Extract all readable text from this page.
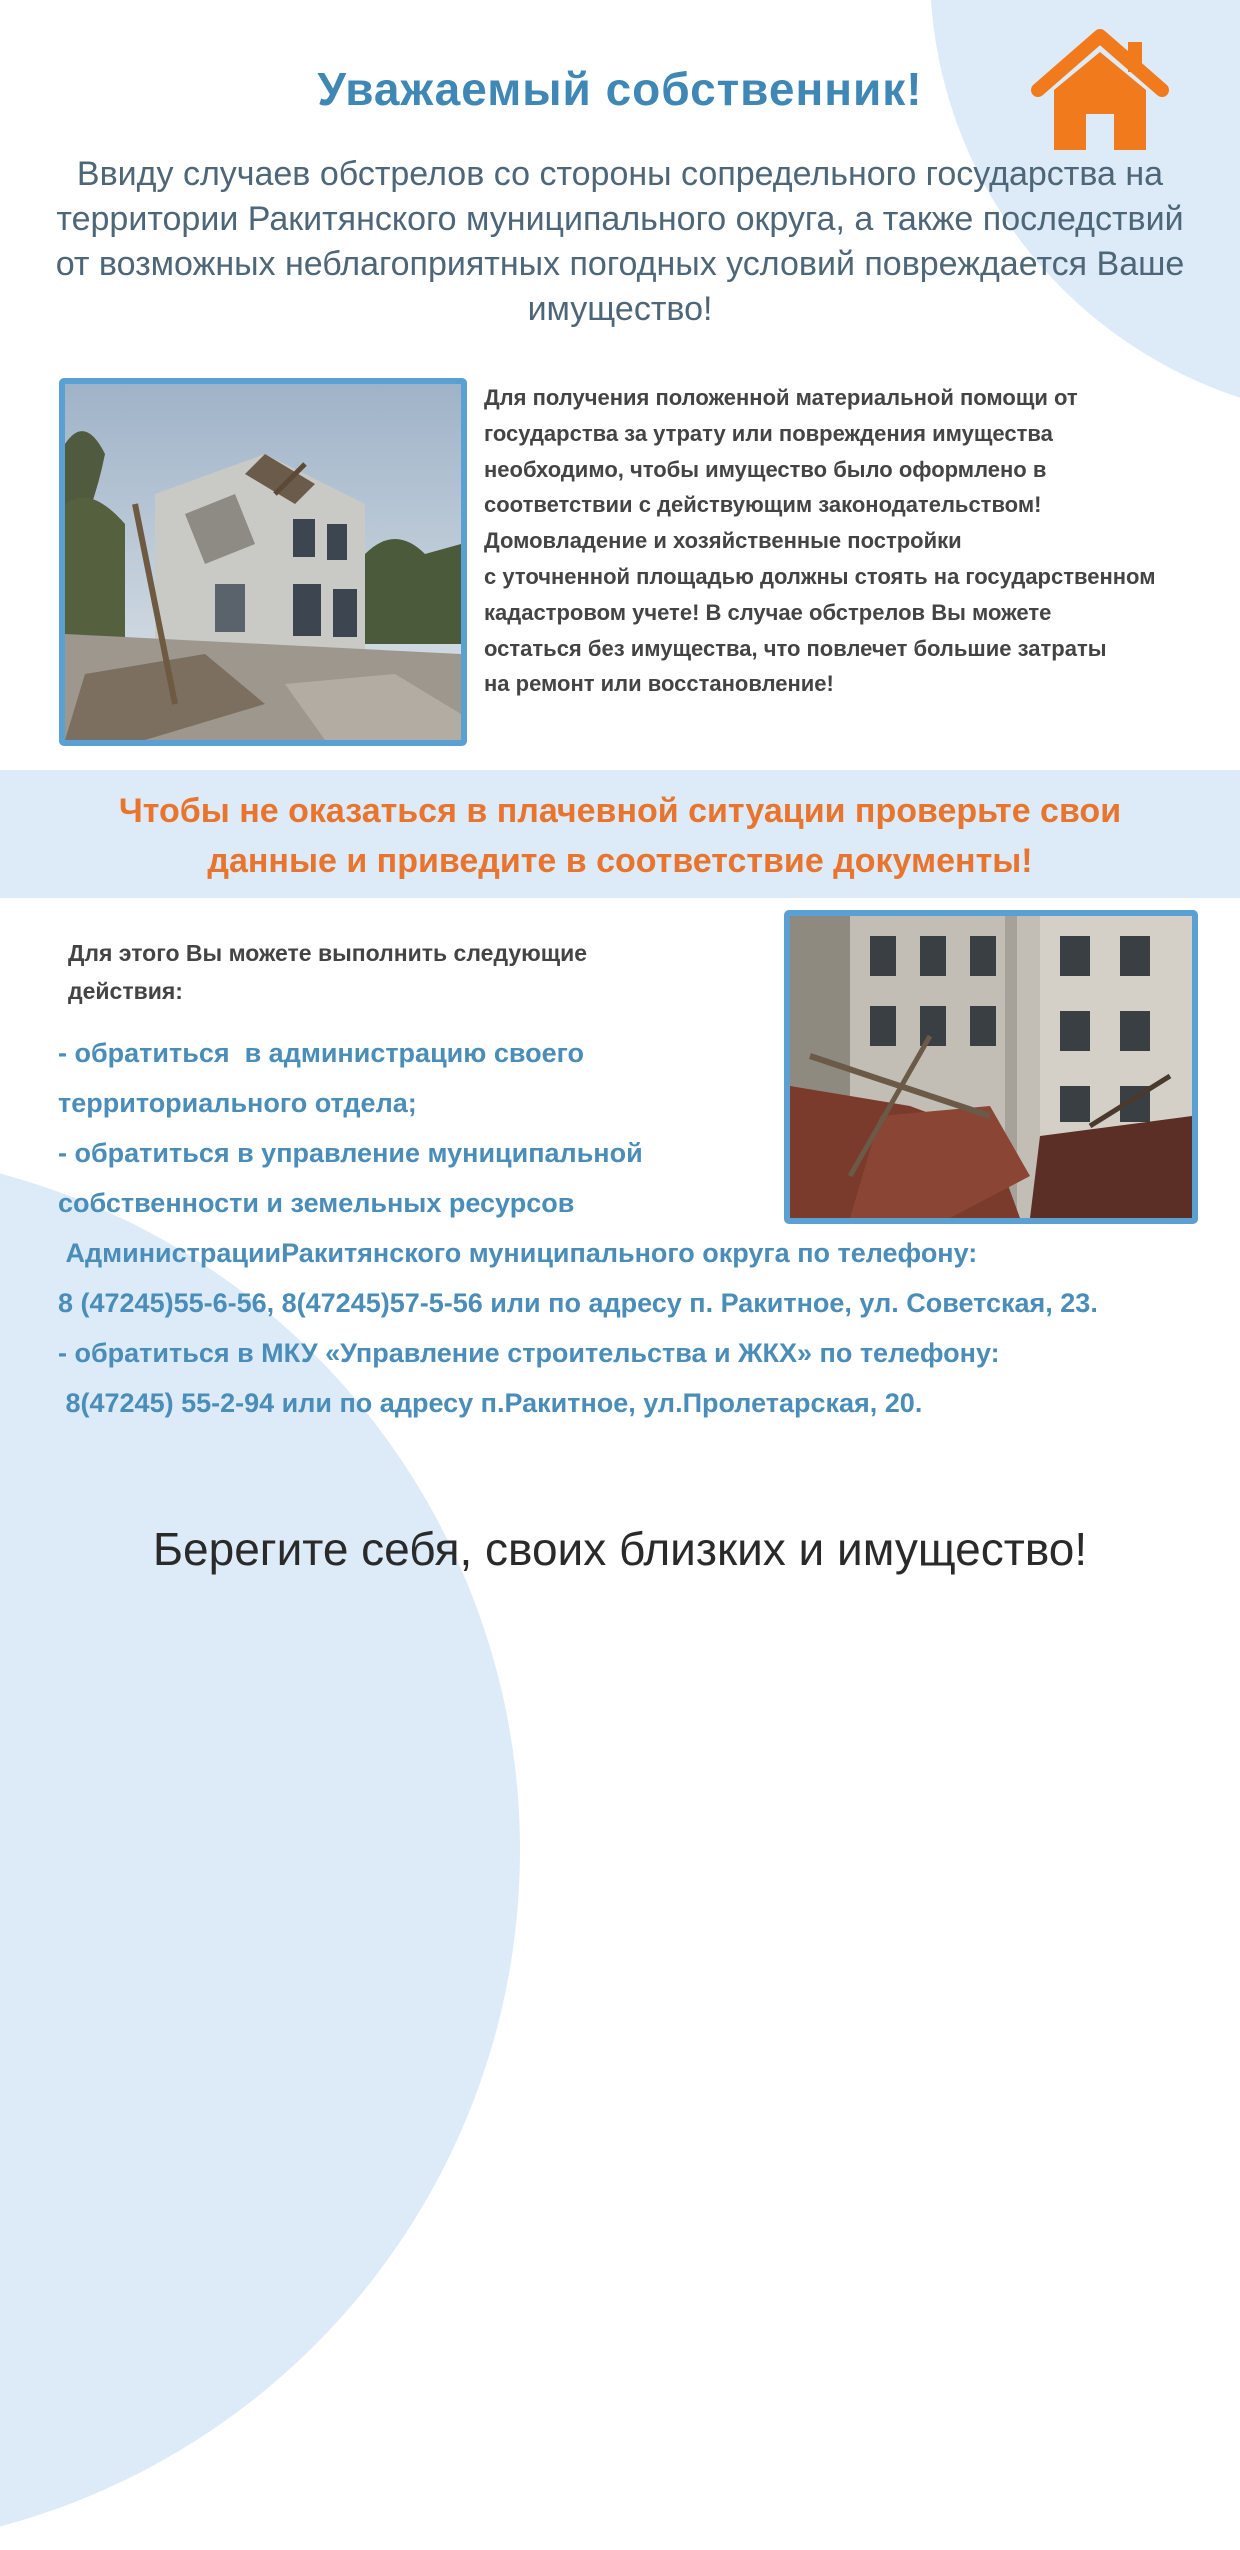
Уважаемый собственник!
Ввиду случаев обстрелов со стороны сопредельного государства на территории Ракитянского муниципального округа, а также последствий от возможных неблагоприятных погодных условий повреждается Ваше имущество!
Для получения положенной материальной помощи от
государства за утрату или повреждения имущества
необходимо, чтобы имущество было оформлено в
соответствии с действующим законодательством!
Домовладение и хозяйственные постройки
с уточненной площадью должны стоять на государственном
кадастровом учете! В случае обстрелов Вы можете
остаться без имущества, что повлечет большие затраты
на ремонт или восстановление!
Чтобы не оказаться в плачевной ситуации проверьте свои
данные и приведите в соответствие документы!
Для этого Вы можете выполнить следующие
действия:
- обратиться  в администрацию своего
территориального отдела;
- обратиться в управление муниципальной
собственности и земельных ресурсов
АдминистрацииРакитянского муниципального округа по телефону:
8 (47245)55-6-56, 8(47245)57-5-56 или по адресу п. Ракитное, ул. Советская, 23.
- обратиться в МКУ «Управление строительства и ЖКХ» по телефону:
8(47245) 55-2-94 или по адресу п.Ракитное, ул.Пролетарская, 20.
Берегите себя, своих близких и имущество!
